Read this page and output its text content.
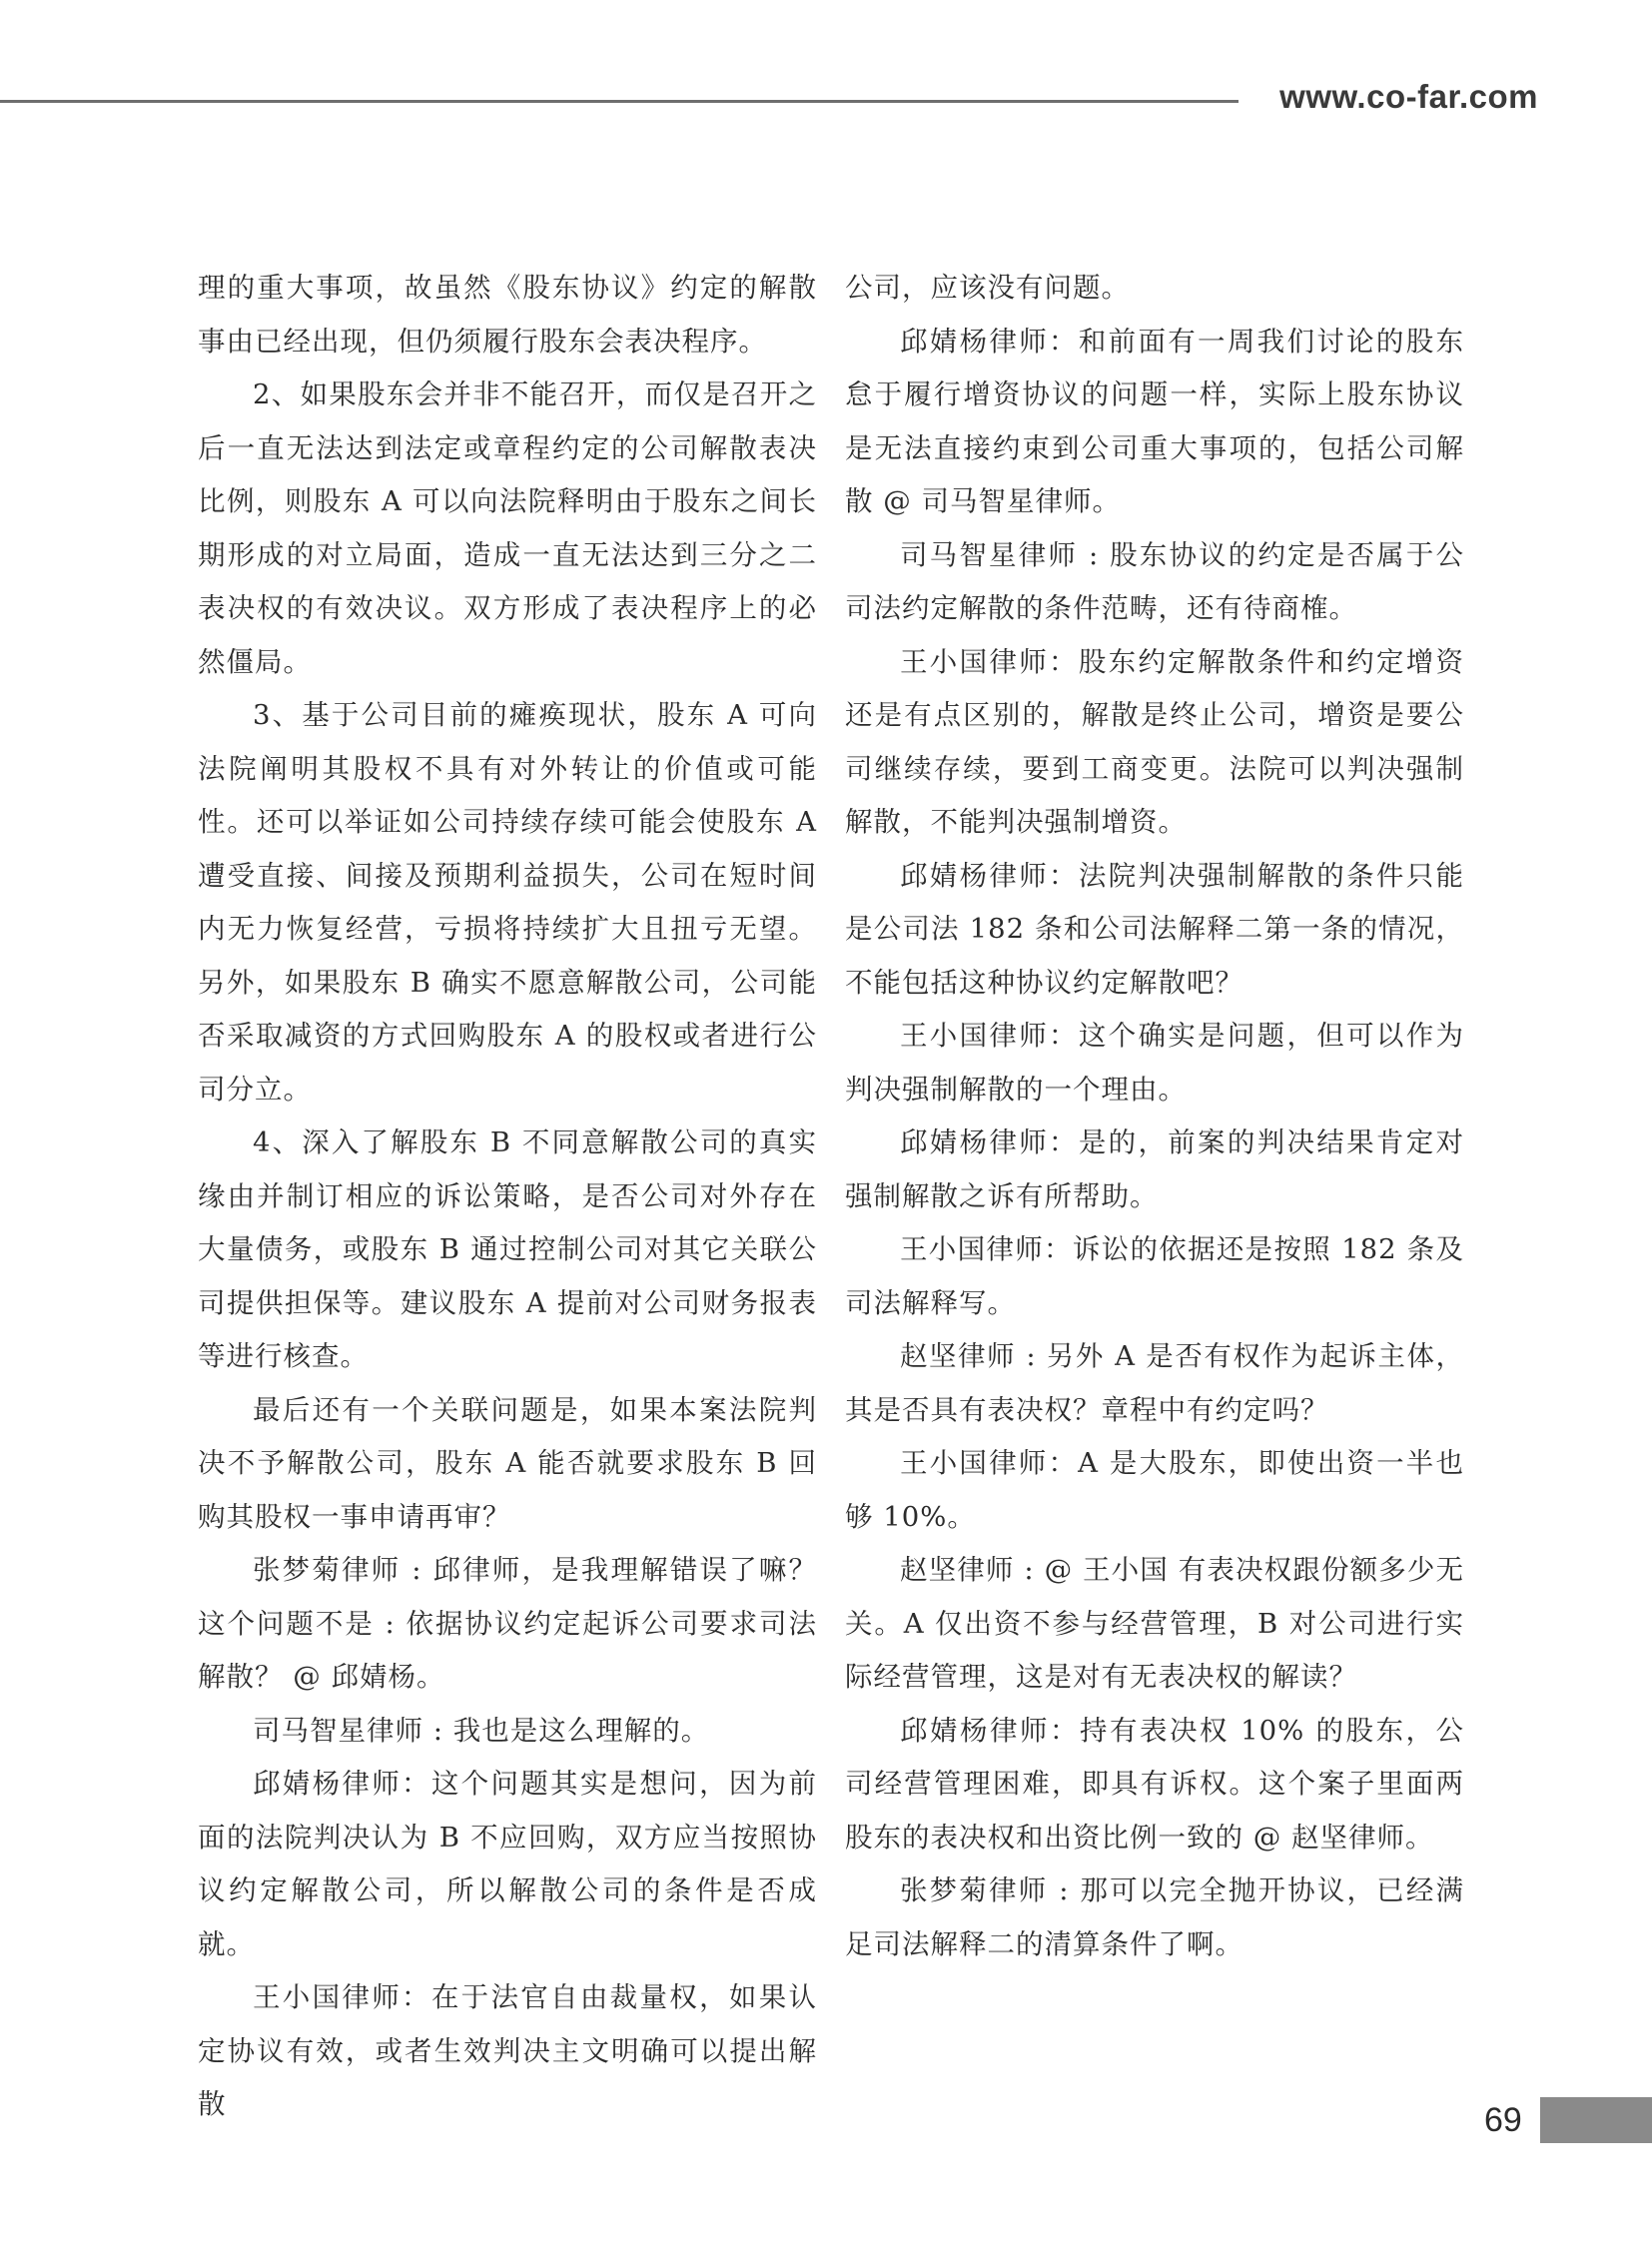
www.co-far.com

理的重大事项，故虽然《股东协议》约定的解散事由已经出现，但仍须履行股东会表决程序。

2、如果股东会并非不能召开，而仅是召开之后一直无法达到法定或章程约定的公司解散表决比例，则股东 A 可以向法院释明由于股东之间长期形成的对立局面，造成一直无法达到三分之二表决权的有效决议。双方形成了表决程序上的必然僵局。

3、基于公司目前的瘫痪现状，股东 A 可向法院阐明其股权不具有对外转让的价值或可能性。还可以举证如公司持续存续可能会使股东 A 遭受直接、间接及预期利益损失，公司在短时间内无力恢复经营，亏损将持续扩大且扭亏无望。另外，如果股东 B 确实不愿意解散公司，公司能否采取减资的方式回购股东 A 的股权或者进行公司分立。

4、深入了解股东 B 不同意解散公司的真实缘由并制订相应的诉讼策略，是否公司对外存在大量债务，或股东 B 通过控制公司对其它关联公司提供担保等。建议股东 A 提前对公司财务报表等进行核查。

最后还有一个关联问题是，如果本案法院判决不予解散公司，股东 A 能否就要求股东 B 回购其股权一事申请再审？

张梦菊律师 : 邱律师，是我理解错误了嘛？这个问题不是 : 依据协议约定起诉公司要求司法解散？ @ 邱婧杨。

司马智星律师 : 我也是这么理解的。

邱婧杨律师：这个问题其实是想问，因为前面的法院判决认为 B 不应回购，双方应当按照协议约定解散公司，所以解散公司的条件是否成就。

王小国律师：在于法官自由裁量权，如果认定协议有效，或者生效判决主文明确可以提出解散

公司，应该没有问题。

邱婧杨律师：和前面有一周我们讨论的股东怠于履行增资协议的问题一样，实际上股东协议是无法直接约束到公司重大事项的，包括公司解散 @ 司马智星律师。

司马智星律师 : 股东协议的约定是否属于公司法约定解散的条件范畴，还有待商榷。

王小国律师：股东约定解散条件和约定增资还是有点区别的，解散是终止公司，增资是要公司继续存续，要到工商变更。法院可以判决强制解散，不能判决强制增资。

邱婧杨律师：法院判决强制解散的条件只能是公司法 182 条和公司法解释二第一条的情况，不能包括这种协议约定解散吧？

王小国律师：这个确实是问题，但可以作为判决强制解散的一个理由。

邱婧杨律师：是的，前案的判决结果肯定对强制解散之诉有所帮助。

王小国律师：诉讼的依据还是按照 182 条及司法解释写。

赵坚律师 : 另外 A 是否有权作为起诉主体，其是否具有表决权？章程中有约定吗？

王小国律师：A 是大股东，即使出资一半也够 10%。

赵坚律师 : @ 王小国 有表决权跟份额多少无关。A 仅出资不参与经营管理，B 对公司进行实际经营管理，这是对有无表决权的解读？

邱婧杨律师：持有表决权 10% 的股东，公司经营管理困难，即具有诉权。这个案子里面两股东的表决权和出资比例一致的 @ 赵坚律师。

张梦菊律师 : 那可以完全抛开协议，已经满足司法解释二的清算条件了啊。

69
